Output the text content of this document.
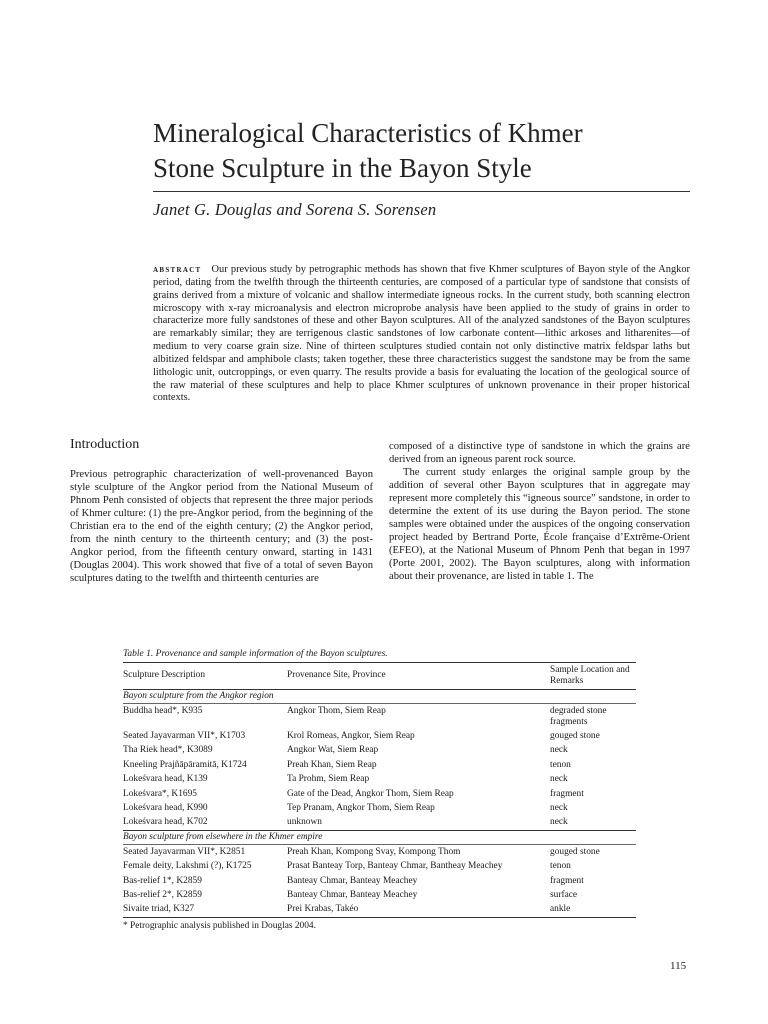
Mineralogical Characteristics of Khmer
Stone Sculpture in the Bayon Style
Janet G. Douglas and Sorena S. Sorensen

ABSTRACT Our previous study by petrographic methods has shown that five Khmer sculptures of Bayon style of the Angkor period, dating from the twelfth through the thirteenth centuries, are composed of a particular type of sandstone that consists of grains derived from a mixture of volcanic and shallow intermediate igneous rocks. In the current study, both scanning electron microscopy with x-ray microanalysis and electron microprobe analysis have been applied to the study of grains in order to characterize more fully sandstones of these and other Bayon sculptures. All of the analyzed sandstones of the Bayon sculptures are remarkably similar; they are terrigenous clastic sandstones of low carbonate content—lithic arkoses and litharenites—of medium to very coarse grain size. Nine of thirteen sculptures studied contain not only distinctive matrix feldspar laths but albitized feldspar and amphibole clasts; taken together, these three characteristics suggest the sandstone may be from the same lithologic unit, outcroppings, or even quarry. The results provide a basis for evaluating the location of the geological source of the raw material of these sculptures and help to place Khmer sculptures of unknown provenance in their proper historical contexts.

Introduction

Previous petrographic characterization of well-provenanced Bayon style sculpture of the Angkor period from the National Museum of Phnom Penh consisted of objects that represent the three major periods of Khmer culture: (1) the pre-Angkor period, from the beginning of the Christian era to the end of the eighth century; (2) the Angkor period, from the ninth century to the thirteenth century; and (3) the post-Angkor period, from the fifteenth century onward, starting in 1431 (Douglas 2004). This work showed that five of a total of seven Bayon sculptures dating to the twelfth and thirteenth centuries are

composed of a distinctive type of sandstone in which the grains are derived from an igneous parent rock source.

The current study enlarges the original sample group by the addition of several other Bayon sculptures that in aggregate may represent more completely this “igneous source” sandstone, in order to determine the extent of its use during the Bayon period. The stone samples were obtained under the auspices of the ongoing conservation project headed by Bertrand Porte, École française d’Extrême-Orient (EFEO), at the National Museum of Phnom Penh that began in 1997 (Porte 2001, 2002). The Bayon sculptures, along with information about their provenance, are listed in table 1. The

Table 1. Provenance and sample information of the Bayon sculptures.
Sculpture Description	Provenance Site, Province	Sample Location and Remarks
Bayon sculpture from the Angkor region		
Buddha head*, K935	Angkor Thom, Siem Reap	degraded stone fragments
Seated Jayavarman VII*, K1703	Krol Romeas, Angkor, Siem Reap	gouged stone
Tha Riek head*, K3089	Angkor Wat, Siem Reap	neck
Kneeling Prajñāpāramitā, K1724	Preah Khan, Siem Reap	tenon
Lokeśvara head, K139	Ta Prohm, Siem Reap	neck
Lokeśvara*, K1695	Gate of the Dead, Angkor Thom, Siem Reap	fragment
Lokeśvara head, K990	Tep Pranam, Angkor Thom, Siem Reap	neck
Lokeśvara head, K702	unknown	neck
Bayon sculpture from elsewhere in the Khmer empire		
Seated Jayavarman VII*, K2851	Preah Khan, Kompong Svay, Kompong Thom	gouged stone
Female deity, Lakshmi (?), K1725	Prasat Banteay Torp, Banteay Chmar, Bantheay Meachey	tenon
Bas-relief 1*, K2859	Banteay Chmar, Banteay Meachey	fragment
Bas-relief 2*, K2859	Banteay Chmar, Banteay Meachey	surface
Sivaite triad, K327	Prei Krabas, Takéo	ankle
* Petrographic analysis published in Douglas 2004.
115
